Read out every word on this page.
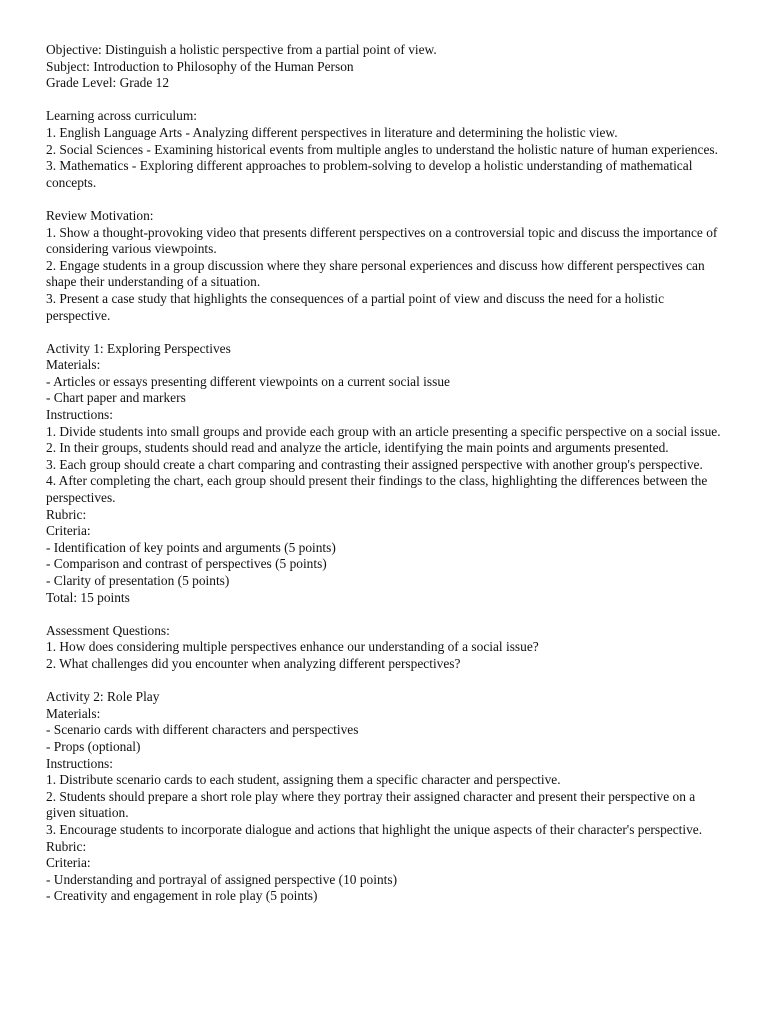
Objective: Distinguish a holistic perspective from a partial point of view.
Subject: Introduction to Philosophy of the Human Person
Grade Level: Grade 12
Learning across curriculum:
1. English Language Arts - Analyzing different perspectives in literature and determining the holistic view.
2. Social Sciences - Examining historical events from multiple angles to understand the holistic nature of human experiences.
3. Mathematics - Exploring different approaches to problem-solving to develop a holistic understanding of mathematical concepts.
Review Motivation:
1. Show a thought-provoking video that presents different perspectives on a controversial topic and discuss the importance of considering various viewpoints.
2. Engage students in a group discussion where they share personal experiences and discuss how different perspectives can shape their understanding of a situation.
3. Present a case study that highlights the consequences of a partial point of view and discuss the need for a holistic perspective.
Activity 1: Exploring Perspectives
Materials:
- Articles or essays presenting different viewpoints on a current social issue
- Chart paper and markers
Instructions:
1. Divide students into small groups and provide each group with an article presenting a specific perspective on a social issue.
2. In their groups, students should read and analyze the article, identifying the main points and arguments presented.
3. Each group should create a chart comparing and contrasting their assigned perspective with another group's perspective.
4. After completing the chart, each group should present their findings to the class, highlighting the differences between the perspectives.
Rubric:
Criteria:
- Identification of key points and arguments (5 points)
- Comparison and contrast of perspectives (5 points)
- Clarity of presentation (5 points)
Total: 15 points
Assessment Questions:
1. How does considering multiple perspectives enhance our understanding of a social issue?
2. What challenges did you encounter when analyzing different perspectives?
Activity 2: Role Play
Materials:
- Scenario cards with different characters and perspectives
- Props (optional)
Instructions:
1. Distribute scenario cards to each student, assigning them a specific character and perspective.
2. Students should prepare a short role play where they portray their assigned character and present their perspective on a given situation.
3. Encourage students to incorporate dialogue and actions that highlight the unique aspects of their character's perspective.
Rubric:
Criteria:
- Understanding and portrayal of assigned perspective (10 points)
- Creativity and engagement in role play (5 points)
